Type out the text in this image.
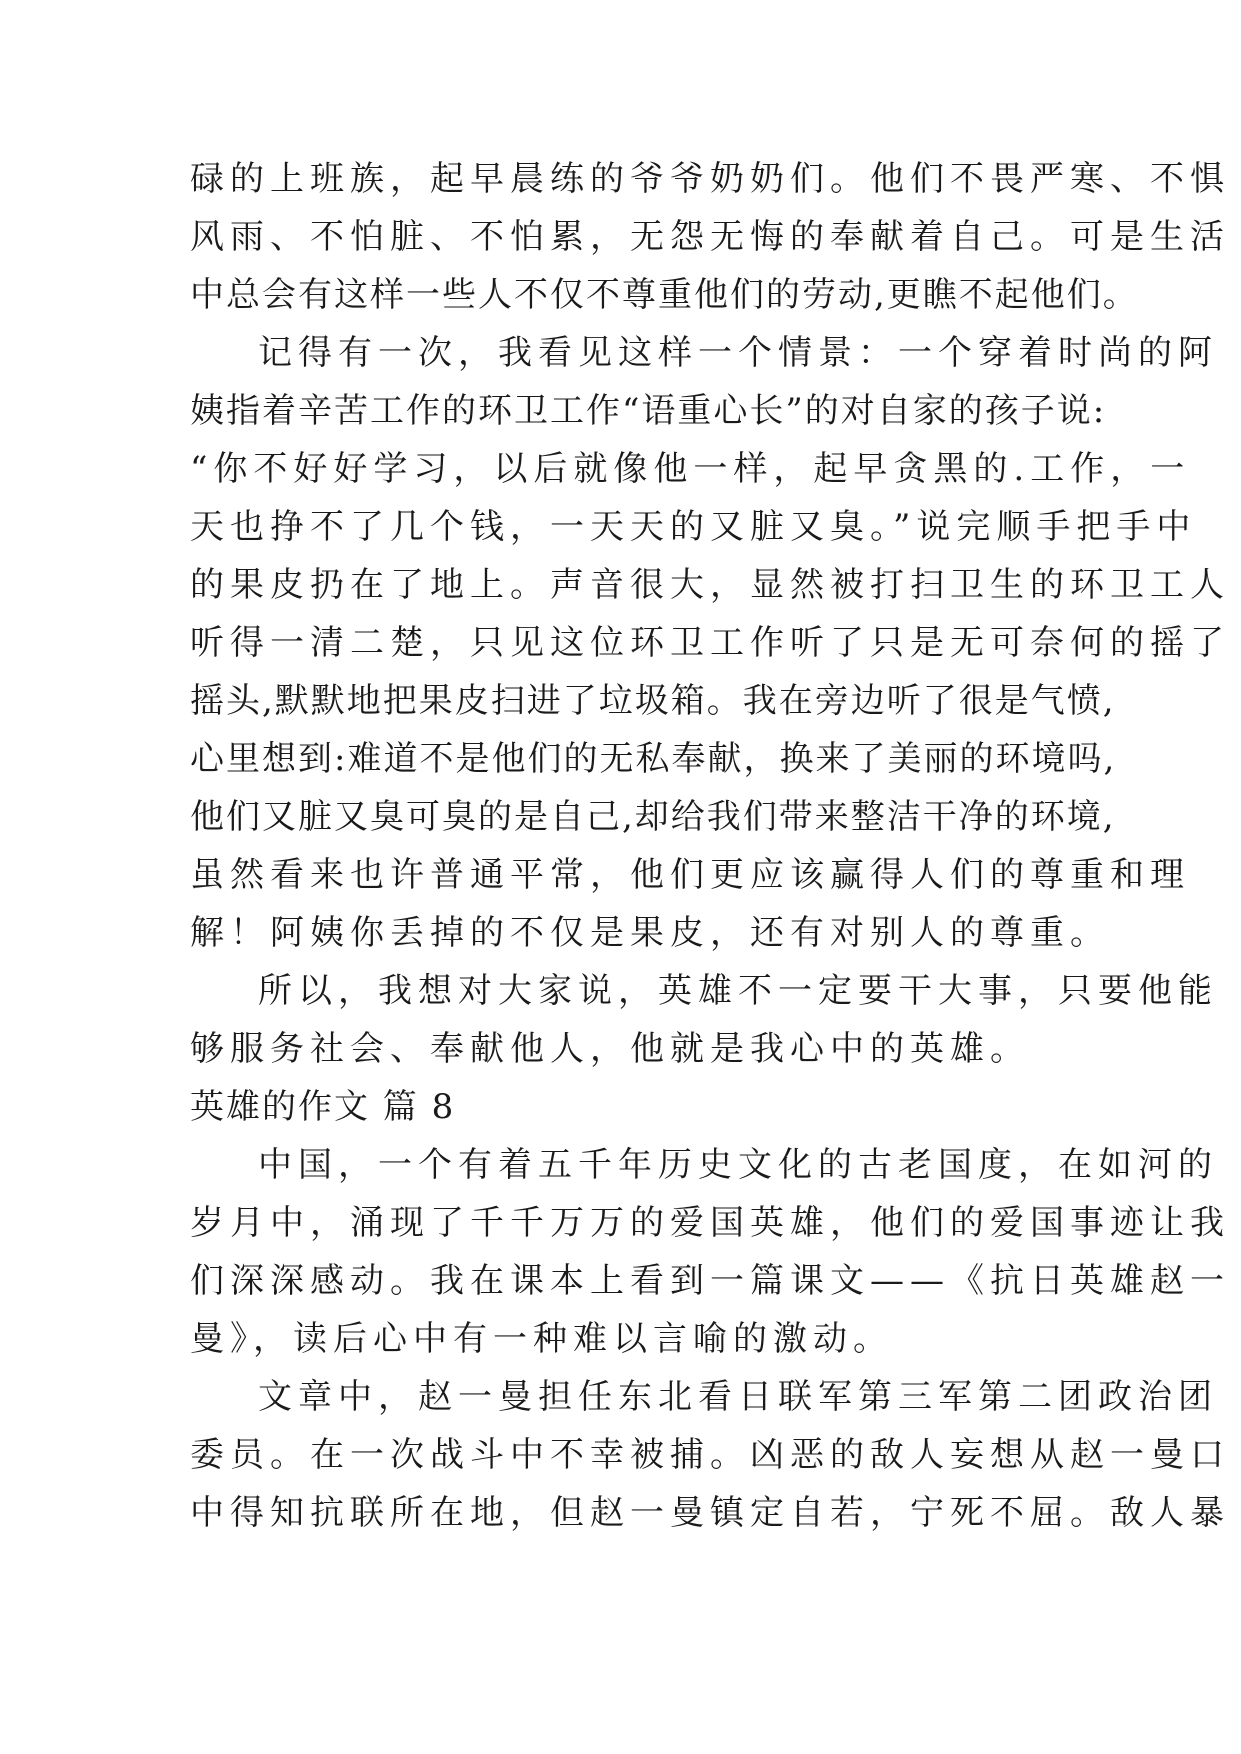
碌的上班族，起早晨练的爷爷奶奶们。他们不畏严寒、不惧
风雨、不怕脏、不怕累，无怨无悔的奉献着自己。可是生活
中总会有这样一些人不仅不尊重他们的劳动,更瞧不起他们。
记得有一次，我看见这样一个情景：一个穿着时尚的阿
姨指着辛苦工作的环卫工作“语重心长”的对自家的孩子说:
“你不好好学习，以后就像他一样，起早贪黑的.工作，一
天也挣不了几个钱，一天天的又脏又臭。”说完顺手把手中
的果皮扔在了地上。声音很大，显然被打扫卫生的环卫工人
听得一清二楚，只见这位环卫工作听了只是无可奈何的摇了
摇头,默默地把果皮扫进了垃圾箱。我在旁边听了很是气愤,
心里想到:难道不是他们的无私奉献，换来了美丽的环境吗,
他们又脏又臭可臭的是自己,却给我们带来整洁干净的环境,
虽然看来也许普通平常，他们更应该赢得人们的尊重和理
解！阿姨你丢掉的不仅是果皮，还有对别人的尊重。
所以，我想对大家说，英雄不一定要干大事，只要他能
够服务社会、奉献他人，他就是我心中的英雄。
英雄的作文 篇 8
中国，一个有着五千年历史文化的古老国度，在如河的
岁月中，涌现了千千万万的爱国英雄，他们的爱国事迹让我
们深深感动。我在课本上看到一篇课文——《抗日英雄赵一
曼》，读后心中有一种难以言喻的激动。
文章中，赵一曼担任东北看日联军第三军第二团政治团
委员。在一次战斗中不幸被捕。凶恶的敌人妄想从赵一曼口
中得知抗联所在地，但赵一曼镇定自若，宁死不屈。敌人暴
